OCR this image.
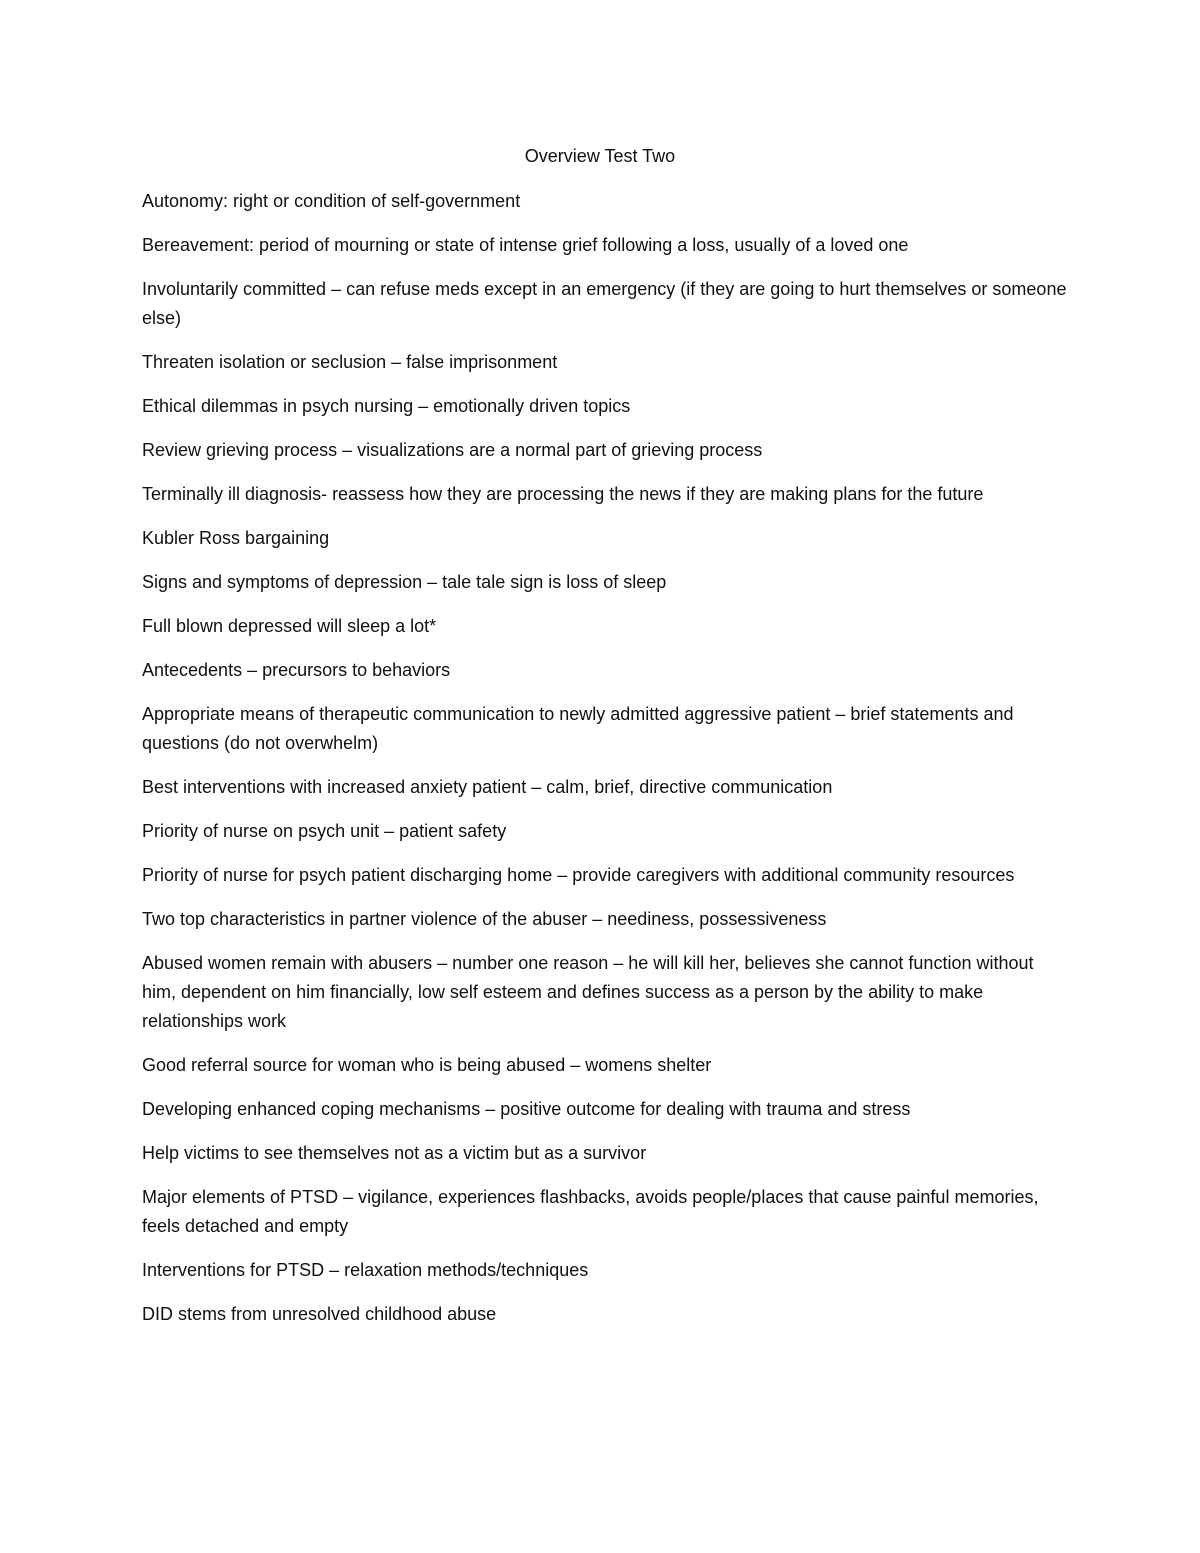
Overview Test Two
Autonomy: right or condition of self-government
Bereavement: period of mourning or state of intense grief following a loss, usually of a loved one
Involuntarily committed – can refuse meds except in an emergency (if they are going to hurt themselves or someone else)
Threaten isolation or seclusion – false imprisonment
Ethical dilemmas in psych nursing – emotionally driven topics
Review grieving process – visualizations are a normal part of grieving process
Terminally ill diagnosis- reassess how they are processing the news if they are making plans for the future
Kubler Ross bargaining
Signs and symptoms of depression – tale tale sign is loss of sleep
Full blown depressed will sleep a lot*
Antecedents – precursors to behaviors
Appropriate means of therapeutic communication to newly admitted aggressive patient – brief statements and questions (do not overwhelm)
Best interventions with increased anxiety patient – calm, brief, directive communication
Priority of nurse on psych unit – patient safety
Priority of nurse for psych patient discharging home – provide caregivers with additional community resources
Two top characteristics in partner violence of the abuser – neediness, possessiveness
Abused women remain with abusers – number one reason – he will kill her, believes she cannot function without him, dependent on him financially, low self esteem and defines success as a person by the ability to make relationships work
Good referral source for woman who is being abused – womens shelter
Developing enhanced coping mechanisms – positive outcome for dealing with trauma and stress
Help victims to see themselves not as a victim but as a survivor
Major elements of PTSD – vigilance, experiences flashbacks, avoids people/places that cause painful memories, feels detached and empty
Interventions for PTSD – relaxation methods/techniques
DID stems from unresolved childhood abuse
